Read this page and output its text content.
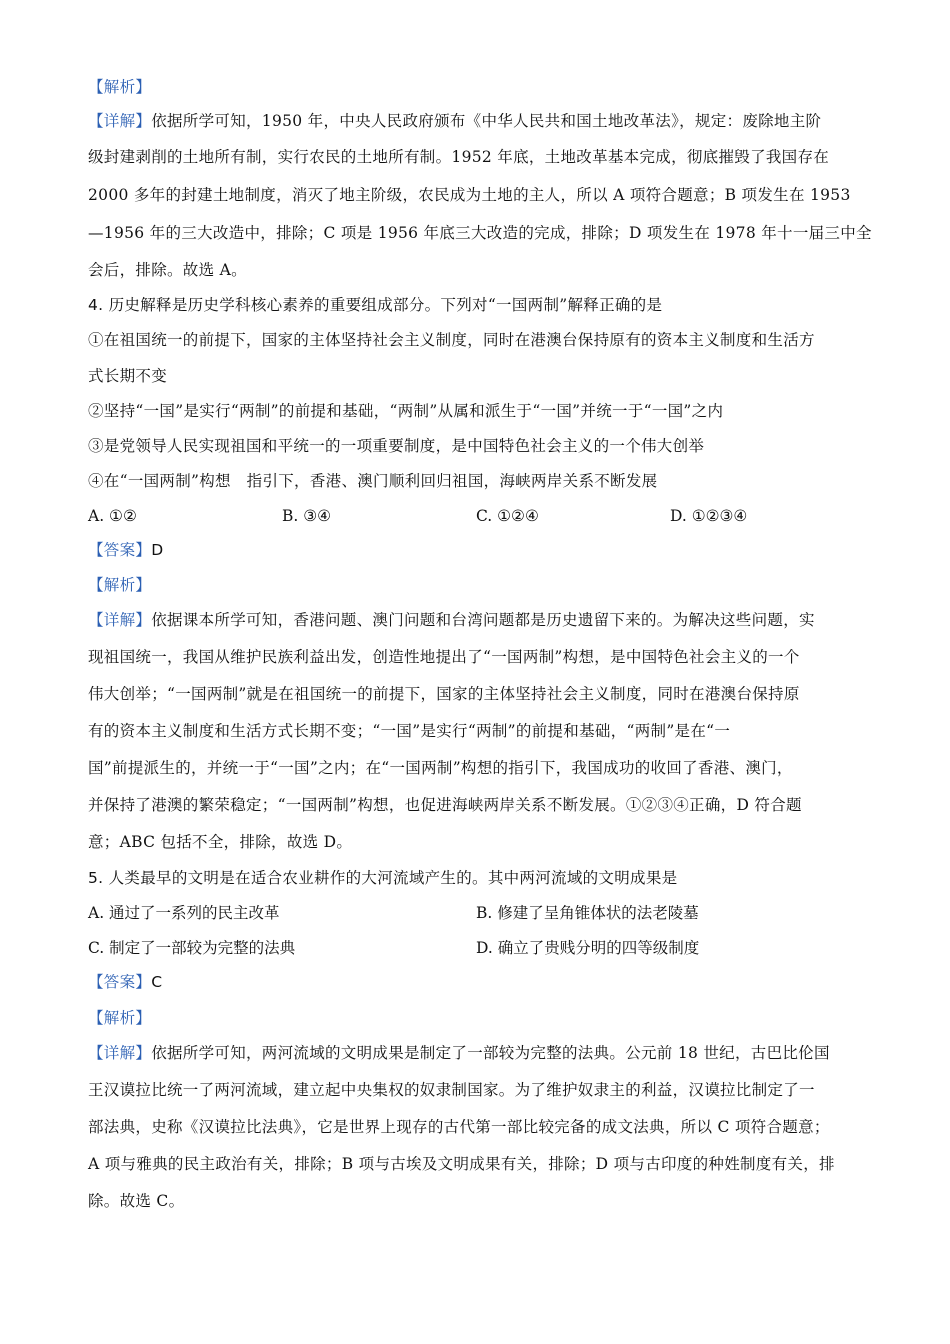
【解析】
【详解】依据所学可知，1950 年，中央人民政府颁布《中华人民共和国土地改革法》，规定：废除地主阶
级封建剥削的土地所有制，实行农民的土地所有制。1952 年底，土地改革基本完成，彻底摧毁了我国存在
2000 多年的封建土地制度，消灭了地主阶级，农民成为土地的主人，所以 A 项符合题意；B 项发生在 1953
—1956 年的三大改造中，排除；C 项是 1956 年底三大改造的完成，排除；D 项发生在 1978 年十一届三中全
会后，排除。故选 A。
4. 历史解释是历史学科核心素养的重要组成部分。下列对“一国两制”解释正确的是
①在祖国统一的前提下，国家的主体坚持社会主义制度，同时在港澳台保持原有的资本主义制度和生活方
式长期不变
②坚持“一国”是实行“两制”的前提和基础，“两制”从属和派生于“一国”并统一于“一国”之内
③是党领导人民实现祖国和平统一的一项重要制度，是中国特色社会主义的一个伟大创举
④在“一国两制”构想　指引下，香港、澳门顺利回归祖国，海峡两岸关系不断发展
A. ①②	B. ③④	C. ①②④	D. ①②③④
【答案】D
【解析】
【详解】依据课本所学可知，香港问题、澳门问题和台湾问题都是历史遗留下来的。为解决这些问题，实
现祖国统一，我国从维护民族利益出发，创造性地提出了“一国两制”构想，是中国特色社会主义的一个
伟大创举；“一国两制”就是在祖国统一的前提下，国家的主体坚持社会主义制度，同时在港澳台保持原
有的资本主义制度和生活方式长期不变；“一国”是实行“两制”的前提和基础，“两制”是在“一
国”前提派生的，并统一于“一国”之内；在“一国两制”构想的指引下，我国成功的收回了香港、澳门，
并保持了港澳的繁荣稳定；“一国两制”构想，也促进海峡两岸关系不断发展。①②③④正确，D 符合题
意；ABC 包括不全，排除，故选 D。
5. 人类最早的文明是在适合农业耕作的大河流域产生的。其中两河流域的文明成果是
A. 通过了一系列的民主改革	B. 修建了呈角锥体状的法老陵墓
C. 制定了一部较为完整的法典	D. 确立了贵贱分明的四等级制度
【答案】C
【解析】
【详解】依据所学可知，两河流域的文明成果是制定了一部较为完整的法典。公元前 18 世纪，古巴比伦国
王汉谟拉比统一了两河流域，建立起中央集权的奴隶制国家。为了维护奴隶主的利益，汉谟拉比制定了一
部法典，史称《汉谟拉比法典》，它是世界上现存的古代第一部比较完备的成文法典，所以 C 项符合题意；
A 项与雅典的民主政治有关，排除；B 项与古埃及文明成果有关，排除；D 项与古印度的种姓制度有关，排
除。故选 C。
